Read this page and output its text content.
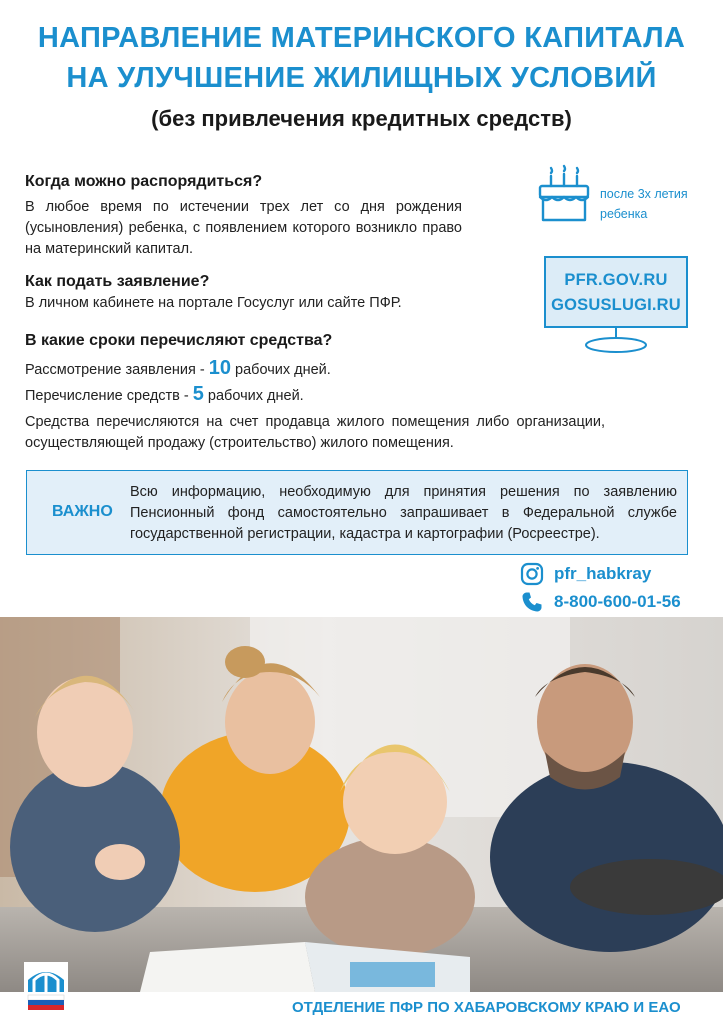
НАПРАВЛЕНИЕ МАТЕРИНСКОГО КАПИТАЛА
НА УЛУЧШЕНИЕ ЖИЛИЩНЫХ УСЛОВИЙ
(без привлечения кредитных средств)
Когда можно распорядиться?
В любое время по истечении трех лет со дня рождения (усыновления) ребенка, с появлением которого возникло право на материнский капитал.
Как подать заявление?
В личном кабинете на портале Госуслуг или сайте ПФР.
В какие сроки перечисляют средства?
Рассмотрение заявления - 10 рабочих дней.
Перечисление средств - 5 рабочих дней.
Средства перечисляются на счет продавца жилого помещения либо организации, осуществляющей продажу (строительство) жилого помещения.
после 3х летия
ребенка
PFR.GOV.RU
GOSUSLUGI.RU
ВАЖНО
Всю информацию, необходимую для принятия решения по заявлению Пенсионный фонд самостоятельно запрашивает в Федеральной службе государственной регистрации, кадастра и картографии (Росреестре).
pfr_habkray
8-800-600-01-56
ОТДЕЛЕНИЕ ПФР ПО ХАБАРОВСКОМУ КРАЮ И ЕАО
